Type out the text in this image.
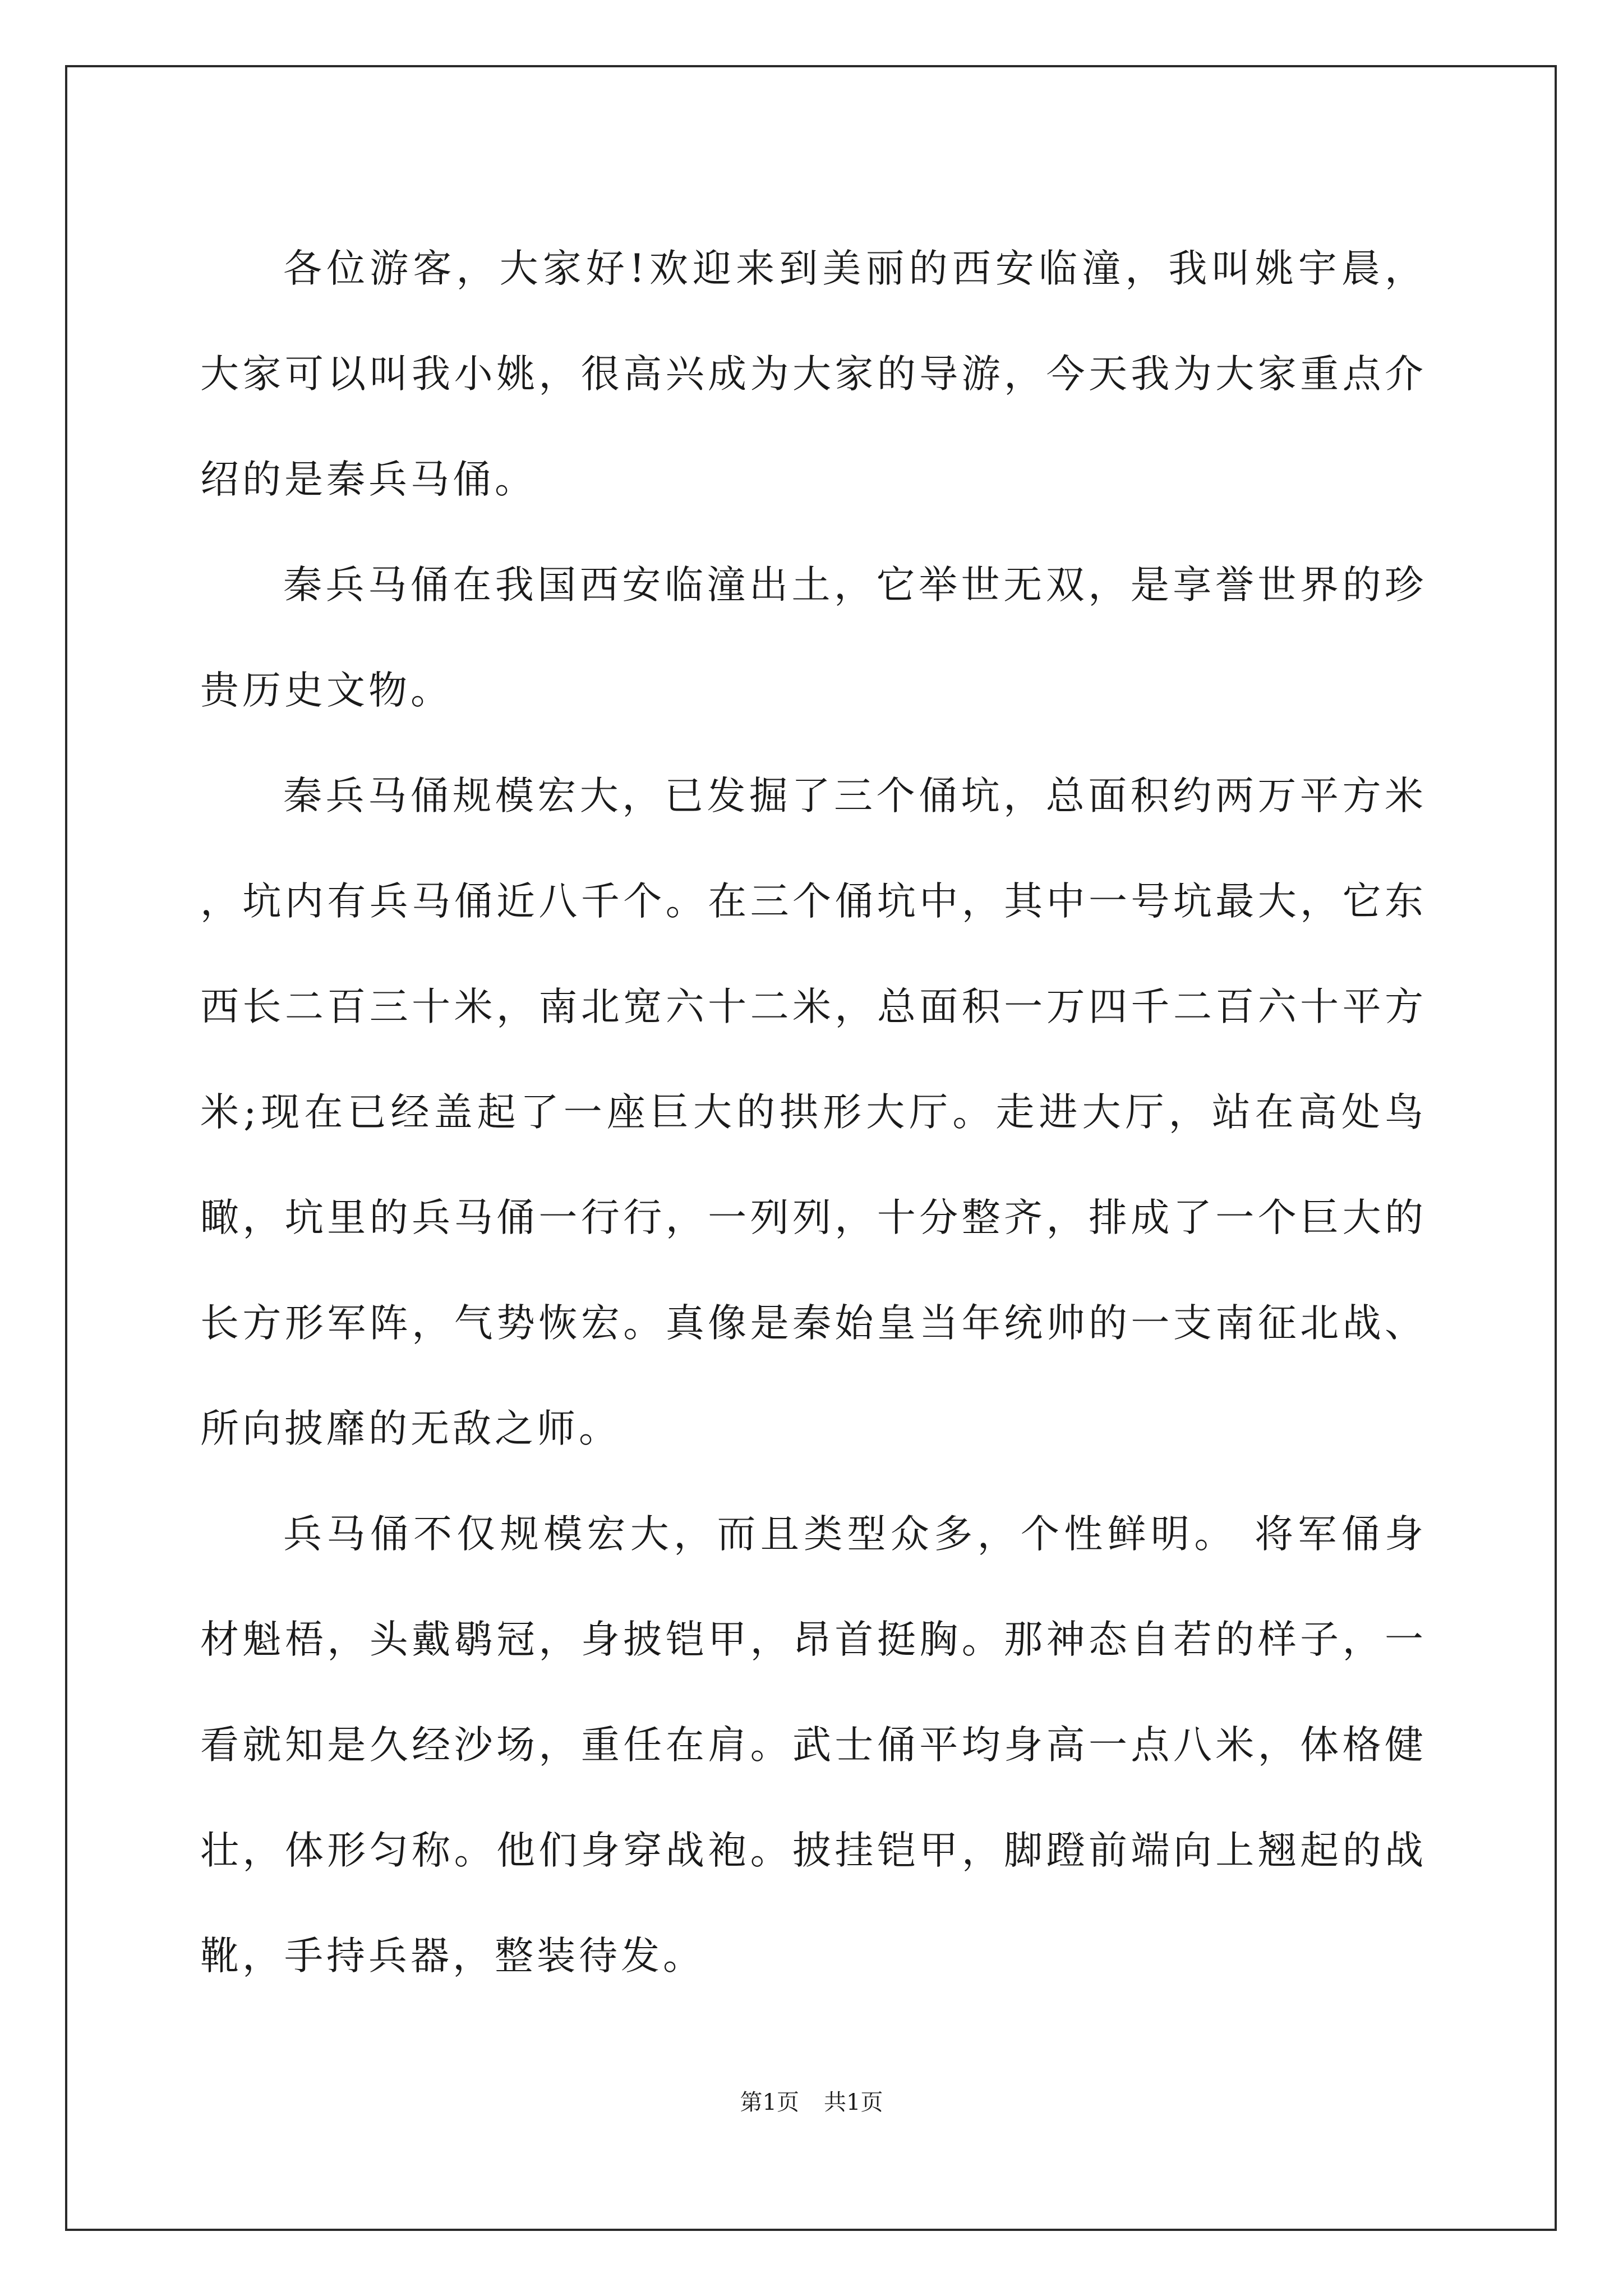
各位游客，大家好!欢迎来到美丽的西安临潼，我叫姚宇晨，大家可以叫我小姚，很高兴成为大家的导游，今天我为大家重点介绍的是秦兵马俑。

秦兵马俑在我国西安临潼出土，它举世无双，是享誉世界的珍贵历史文物。

秦兵马俑规模宏大，已发掘了三个俑坑，总面积约两万平方米，坑内有兵马俑近八千个。在三个俑坑中，其中一号坑最大，它东西长二百三十米，南北宽六十二米，总面积一万四千二百六十平方米;现在已经盖起了一座巨大的拱形大厅。走进大厅，站在高处鸟瞰，坑里的兵马俑一行行，一列列，十分整齐，排成了一个巨大的长方形军阵，气势恢宏。真像是秦始皇当年统帅的一支南征北战、所向披靡的无敌之师。

兵马俑不仅规模宏大，而且类型众多，个性鲜明。 将军俑身材魁梧，头戴鹖冠，身披铠甲，昂首挺胸。那神态自若的样子，一看就知是久经沙场，重任在肩。武士俑平均身高一点八米，体格健壮，体形匀称。他们身穿战袍。披挂铠甲，脚蹬前端向上翘起的战靴，手持兵器，整装待发。

第1页 共1页
